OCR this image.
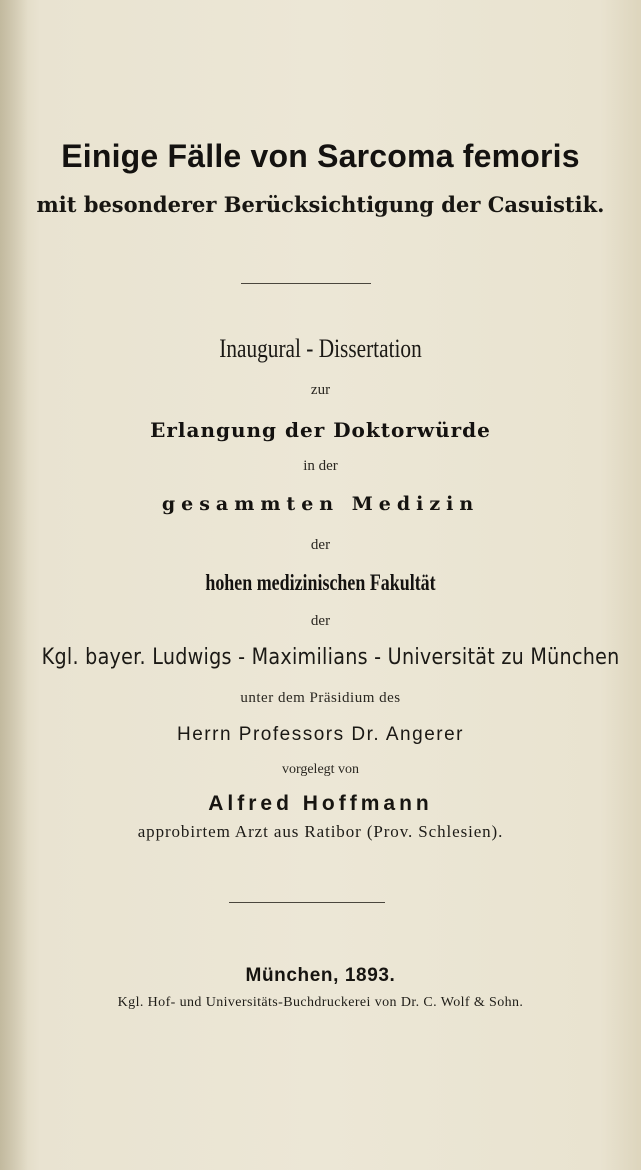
Einige Fälle von Sarcoma femoris

mit besonderer Berücksichtigung der Casuistik.

Inaugural - Dissertation

zur

Erlangung der Doktorwürde

in der

gesammten Medizin

der

hohen medizinischen Fakultät

der

Kgl. bayer. Ludwigs - Maximilians - Universität zu München

unter dem Präsidium des

Herrn Professors Dr. Angerer

vorgelegt von

Alfred Hoffmann

approbirtem Arzt aus Ratibor (Prov. Schlesien).

München, 1893.

Kgl. Hof- und Universitäts-Buchdruckerei von Dr. C. Wolf & Sohn.
